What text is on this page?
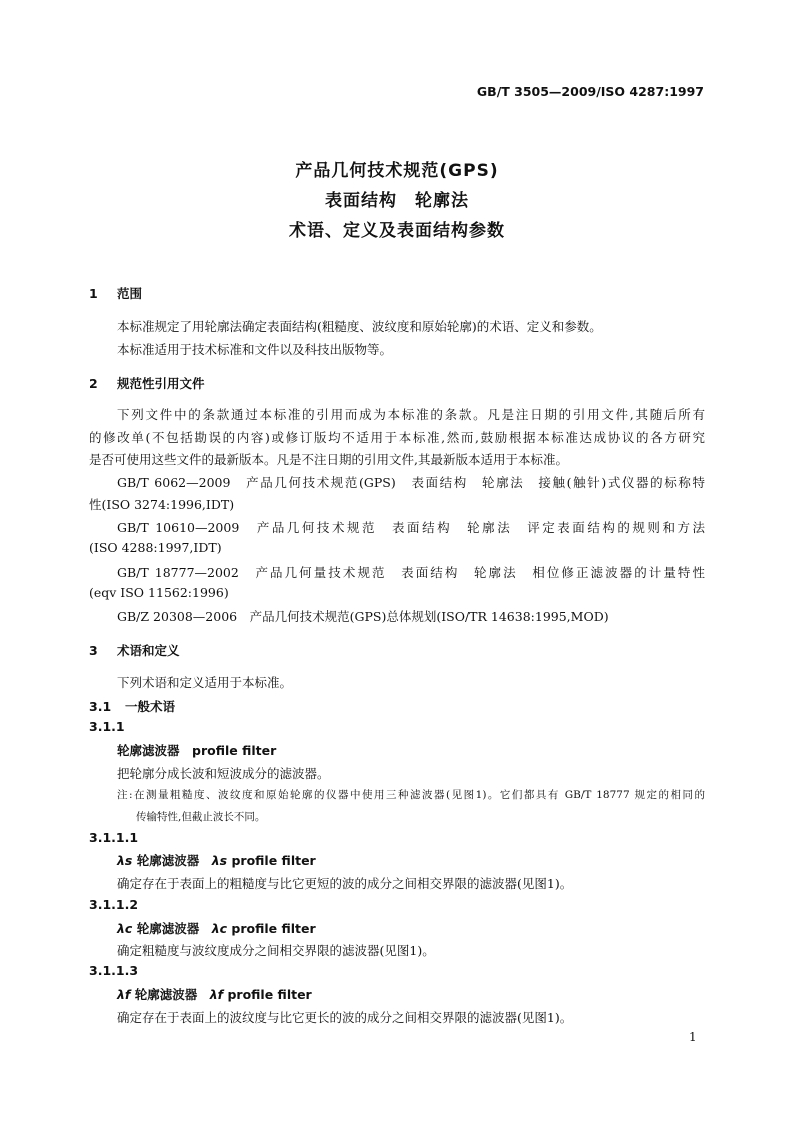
GB/T 3505—2009/ISO 4287:1997
产品几何技术规范(GPS)
表面结构　轮廓法
术语、定义及表面结构参数
1 范围
本标准规定了用轮廓法确定表面结构(粗糙度、波纹度和原始轮廓)的术语、定义和参数。
本标准适用于技术标准和文件以及科技出版物等。
2 规范性引用文件
下列文件中的条款通过本标准的引用而成为本标准的条款。凡是注日期的引用文件,其随后所有
的修改单(不包括勘误的内容)或修订版均不适用于本标准,然而,鼓励根据本标准达成协议的各方研究
是否可使用这些文件的最新版本。凡是不注日期的引用文件,其最新版本适用于本标准。
GB/T 6062—2009　产品几何技术规范(GPS)　表面结构　轮廓法　接触(触针)式仪器的标称特
性(ISO 3274:1996,IDT)
GB/T 10610—2009　产品几何技术规范　表面结构　轮廓法　评定表面结构的规则和方法
(ISO 4288:1997,IDT)
GB/T 18777—2002　产品几何量技术规范　表面结构　轮廓法　相位修正滤波器的计量特性
(eqv ISO 11562:1996)
GB/Z 20308—2006　产品几何技术规范(GPS)总体规划(ISO/TR 14638:1995,MOD)
3 术语和定义
下列术语和定义适用于本标准。
3.1 一般术语
3.1.1
轮廓滤波器　profile filter
把轮廓分成长波和短波成分的滤波器。
注:在测量粗糙度、波纹度和原始轮廓的仪器中使用三种滤波器(见图1)。它们都具有 GB/T 18777 规定的相同的
传输特性,但截止波长不同。
3.1.1.1
λs 轮廓滤波器　 λs profile filter
确定存在于表面上的粗糙度与比它更短的波的成分之间相交界限的滤波器(见图1)。
3.1.1.2
λc 轮廓滤波器　 λc profile filter
确定粗糙度与波纹度成分之间相交界限的滤波器(见图1)。
3.1.1.3
λf 轮廓滤波器　 λf profile filter
确定存在于表面上的波纹度与比它更长的波的成分之间相交界限的滤波器(见图1)。
1
